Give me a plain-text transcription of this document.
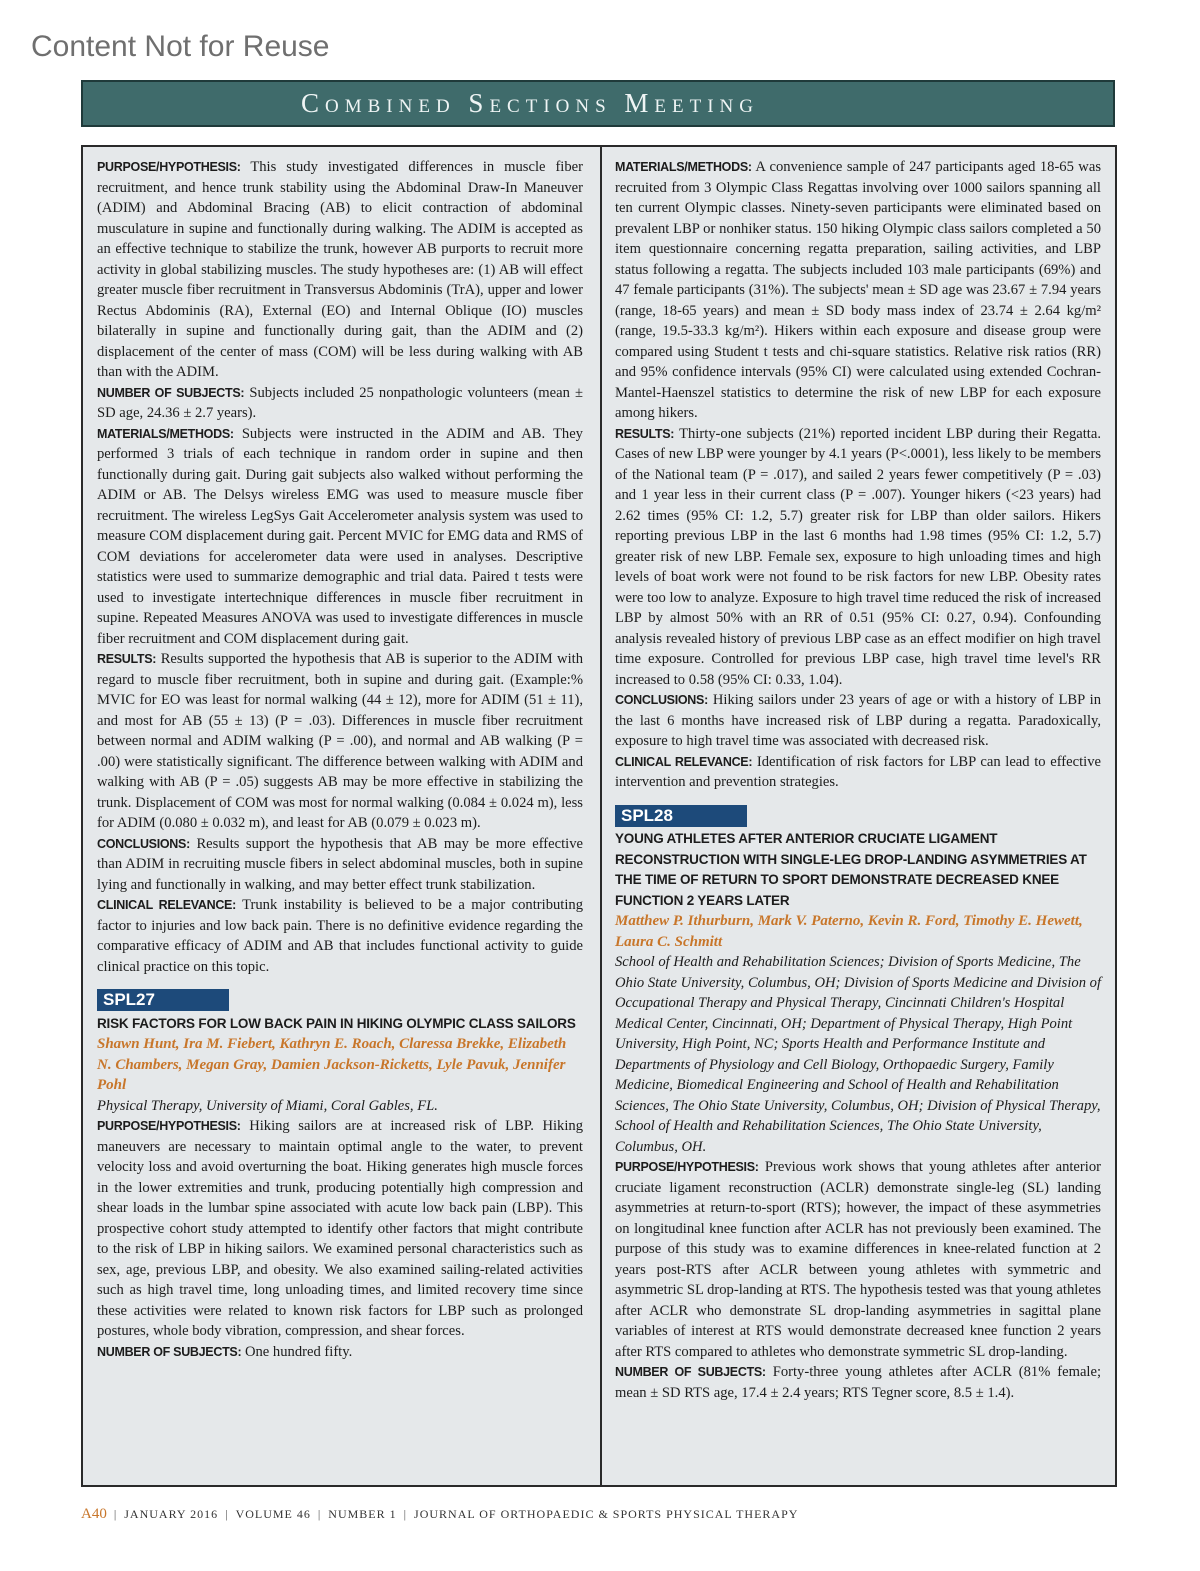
Content Not for Reuse
Combined Sections Meeting

PURPOSE/HYPOTHESIS: This study investigated differences in muscle fiber recruitment, and hence trunk stability using the Abdominal Draw-In Maneuver (ADIM) and Abdominal Bracing (AB) to elicit contraction of abdominal musculature in supine and functionally during walking. The ADIM is accepted as an effective technique to stabilize the trunk, however AB purports to recruit more activity in global stabilizing muscles. The study hypotheses are: (1) AB will effect greater muscle fiber recruitment in Transversus Abdominis (TrA), upper and lower Rectus Abdominis (RA), External (EO) and Internal Oblique (IO) muscles bilaterally in supine and functionally during gait, than the ADIM and (2) displacement of the center of mass (COM) will be less during walking with AB than with the ADIM.

NUMBER OF SUBJECTS: Subjects included 25 nonpathologic volunteers (mean ± SD age, 24.36 ± 2.7 years).

MATERIALS/METHODS: Subjects were instructed in the ADIM and AB. They performed 3 trials of each technique in random order in supine and then functionally during gait. During gait subjects also walked without performing the ADIM or AB. The Delsys wireless EMG was used to measure muscle fiber recruitment. The wireless LegSys Gait Accelerometer analysis system was used to measure COM displacement during gait. Percent MVIC for EMG data and RMS of COM deviations for accelerometer data were used in analyses. Descriptive statistics were used to summarize demographic and trial data. Paired t tests were used to investigate intertechnique differences in muscle fiber recruitment in supine. Repeated Measures ANOVA was used to investigate differences in muscle fiber recruitment and COM displacement during gait.

RESULTS: Results supported the hypothesis that AB is superior to the ADIM with regard to muscle fiber recruitment, both in supine and during gait. (Example:% MVIC for EO was least for normal walking (44 ± 12), more for ADIM (51 ± 11), and most for AB (55 ± 13) (P = .03). Differences in muscle fiber recruitment between normal and ADIM walking (P = .00), and normal and AB walking (P = .00) were statistically significant. The difference between walking with ADIM and walking with AB (P = .05) suggests AB may be more effective in stabilizing the trunk. Displacement of COM was most for normal walking (0.084 ± 0.024 m), less for ADIM (0.080 ± 0.032 m), and least for AB (0.079 ± 0.023 m).

CONCLUSIONS: Results support the hypothesis that AB may be more effective than ADIM in recruiting muscle fibers in select abdominal muscles, both in supine lying and functionally in walking, and may better effect trunk stabilization.

CLINICAL RELEVANCE: Trunk instability is believed to be a major contributing factor to injuries and low back pain. There is no definitive evidence regarding the comparative efficacy of ADIM and AB that includes functional activity to guide clinical practice on this topic.

SPL27

RISK FACTORS FOR LOW BACK PAIN IN HIKING OLYMPIC CLASS SAILORS

Shawn Hunt, Ira M. Fiebert, Kathryn E. Roach, Claressa Brekke, Elizabeth N. Chambers, Megan Gray, Damien Jackson-Ricketts, Lyle Pavuk, Jennifer Pohl

Physical Therapy, University of Miami, Coral Gables, FL.

PURPOSE/HYPOTHESIS: Hiking sailors are at increased risk of LBP. Hiking maneuvers are necessary to maintain optimal angle to the water, to prevent velocity loss and avoid overturning the boat. Hiking generates high muscle forces in the lower extremities and trunk, producing potentially high compression and shear loads in the lumbar spine associated with acute low back pain (LBP). This prospective cohort study attempted to identify other factors that might contribute to the risk of LBP in hiking sailors. We examined personal characteristics such as sex, age, previous LBP, and obesity. We also examined sailing-related activities such as high travel time, long unloading times, and limited recovery time since these activities were related to known risk factors for LBP such as prolonged postures, whole body vibration, compression, and shear forces.

NUMBER OF SUBJECTS: One hundred fifty.

MATERIALS/METHODS: A convenience sample of 247 participants aged 18-65 was recruited from 3 Olympic Class Regattas involving over 1000 sailors spanning all ten current Olympic classes. Ninety-seven participants were eliminated based on prevalent LBP or nonhiker status. 150 hiking Olympic class sailors completed a 50 item questionnaire concerning regatta preparation, sailing activities, and LBP status following a regatta. The subjects included 103 male participants (69%) and 47 female participants (31%). The subjects' mean ± SD age was 23.67 ± 7.94 years (range, 18-65 years) and mean ± SD body mass index of 23.74 ± 2.64 kg/m² (range, 19.5-33.3 kg/m²). Hikers within each exposure and disease group were compared using Student t tests and chi-square statistics. Relative risk ratios (RR) and 95% confidence intervals (95% CI) were calculated using extended Cochran-Mantel-Haenszel statistics to determine the risk of new LBP for each exposure among hikers.

RESULTS: Thirty-one subjects (21%) reported incident LBP during their Regatta. Cases of new LBP were younger by 4.1 years (P<.0001), less likely to be members of the National team (P = .017), and sailed 2 years fewer competitively (P = .03) and 1 year less in their current class (P = .007). Younger hikers (<23 years) had 2.62 times (95% CI: 1.2, 5.7) greater risk for LBP than older sailors. Hikers reporting previous LBP in the last 6 months had 1.98 times (95% CI: 1.2, 5.7) greater risk of new LBP. Female sex, exposure to high unloading times and high levels of boat work were not found to be risk factors for new LBP. Obesity rates were too low to analyze. Exposure to high travel time reduced the risk of increased LBP by almost 50% with an RR of 0.51 (95% CI: 0.27, 0.94). Confounding analysis revealed history of previous LBP case as an effect modifier on high travel time exposure. Controlled for previous LBP case, high travel time level's RR increased to 0.58 (95% CI: 0.33, 1.04).

CONCLUSIONS: Hiking sailors under 23 years of age or with a history of LBP in the last 6 months have increased risk of LBP during a regatta. Paradoxically, exposure to high travel time was associated with decreased risk.

CLINICAL RELEVANCE: Identification of risk factors for LBP can lead to effective intervention and prevention strategies.

SPL28

YOUNG ATHLETES AFTER ANTERIOR CRUCIATE LIGAMENT RECONSTRUCTION WITH SINGLE-LEG DROP-LANDING ASYMMETRIES AT THE TIME OF RETURN TO SPORT DEMONSTRATE DECREASED KNEE FUNCTION 2 YEARS LATER

Matthew P. Ithurburn, Mark V. Paterno, Kevin R. Ford, Timothy E. Hewett, Laura C. Schmitt

School of Health and Rehabilitation Sciences; Division of Sports Medicine, The Ohio State University, Columbus, OH; Division of Sports Medicine and Division of Occupational Therapy and Physical Therapy, Cincinnati Children's Hospital Medical Center, Cincinnati, OH; Department of Physical Therapy, High Point University, High Point, NC; Sports Health and Performance Institute and Departments of Physiology and Cell Biology, Orthopaedic Surgery, Family Medicine, Biomedical Engineering and School of Health and Rehabilitation Sciences, The Ohio State University, Columbus, OH; Division of Physical Therapy, School of Health and Rehabilitation Sciences, The Ohio State University, Columbus, OH.

PURPOSE/HYPOTHESIS: Previous work shows that young athletes after anterior cruciate ligament reconstruction (ACLR) demonstrate single-leg (SL) landing asymmetries at return-to-sport (RTS); however, the impact of these asymmetries on longitudinal knee function after ACLR has not previously been examined. The purpose of this study was to examine differences in knee-related function at 2 years post-RTS after ACLR between young athletes with symmetric and asymmetric SL drop-landing at RTS. The hypothesis tested was that young athletes after ACLR who demonstrate SL drop-landing asymmetries in sagittal plane variables of interest at RTS would demonstrate decreased knee function 2 years after RTS compared to athletes who demonstrate symmetric SL drop-landing.

NUMBER OF SUBJECTS: Forty-three young athletes after ACLR (81% female; mean ± SD RTS age, 17.4 ± 2.4 years; RTS Tegner score, 8.5 ± 1.4).

A40 | JANUARY 2016 | VOLUME 46 | NUMBER 1 | JOURNAL OF ORTHOPAEDIC & SPORTS PHYSICAL THERAPY
